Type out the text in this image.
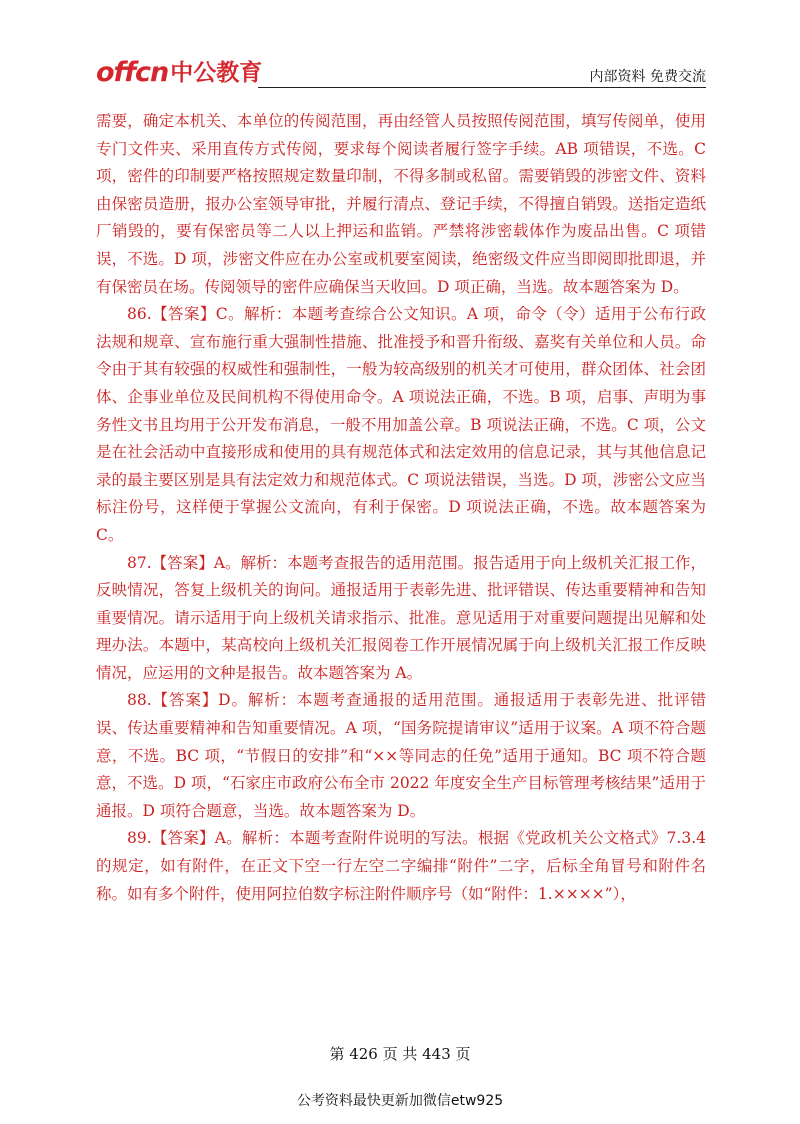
offcn 中公教育	内部资料 免费交流

需要，确定本机关、本单位的传阅范围，再由经管人员按照传阅范围，填写传阅单，使用专门文件夹、采用直传方式传阅，要求每个阅读者履行签字手续。AB 项错误，不选。C 项，密件的印制要严格按照规定数量印制，不得多制或私留。需要销毁的涉密文件、资料由保密员造册，报办公室领导审批，并履行清点、登记手续，不得擅自销毁。送指定造纸厂销毁的，要有保密员等二人以上押运和监销。严禁将涉密载体作为废品出售。C 项错误，不选。D 项，涉密文件应在办公室或机要室阅读，绝密级文件应当即阅即批即退，并有保密员在场。传阅领导的密件应确保当天收回。D 项正确，当选。故本题答案为 D。

86.【答案】C。解析：本题考查综合公文知识。A 项，命令（令）适用于公布行政法规和规章、宣布施行重大强制性措施、批准授予和晋升衔级、嘉奖有关单位和人员。命令由于其有较强的权威性和强制性，一般为较高级别的机关才可使用，群众团体、社会团体、企事业单位及民间机构不得使用命令。A 项说法正确，不选。B 项，启事、声明为事务性文书且均用于公开发布消息，一般不用加盖公章。B 项说法正确，不选。C 项，公文是在社会活动中直接形成和使用的具有规范体式和法定效用的信息记录，其与其他信息记录的最主要区别是具有法定效力和规范体式。C 项说法错误，当选。D 项，涉密公文应当标注份号，这样便于掌握公文流向，有利于保密。D 项说法正确，不选。故本题答案为 C。

87.【答案】A。解析：本题考查报告的适用范围。报告适用于向上级机关汇报工作，反映情况，答复上级机关的询问。通报适用于表彰先进、批评错误、传达重要精神和告知重要情况。请示适用于向上级机关请求指示、批准。意见适用于对重要问题提出见解和处理办法。本题中，某高校向上级机关汇报阅卷工作开展情况属于向上级机关汇报工作反映情况，应运用的文种是报告。故本题答案为 A。

88.【答案】D。解析：本题考查通报的适用范围。通报适用于表彰先进、批评错误、传达重要精神和告知重要情况。A 项，“国务院提请审议”适用于议案。A 项不符合题意，不选。BC 项，“节假日的安排”和“××等同志的任免”适用于通知。BC 项不符合题意，不选。D 项，“石家庄市政府公布全市 2022 年度安全生产目标管理考核结果”适用于通报。D 项符合题意，当选。故本题答案为 D。

89.【答案】A。解析：本题考查附件说明的写法。根据《党政机关公文格式》7.3.4 的规定，如有附件，在正文下空一行左空二字编排“附件”二字，后标全角冒号和附件名称。如有多个附件，使用阿拉伯数字标注附件顺序号（如“附件：1.××××”），

第 426 页 共 443 页
公考资料最快更新加微信etw925
